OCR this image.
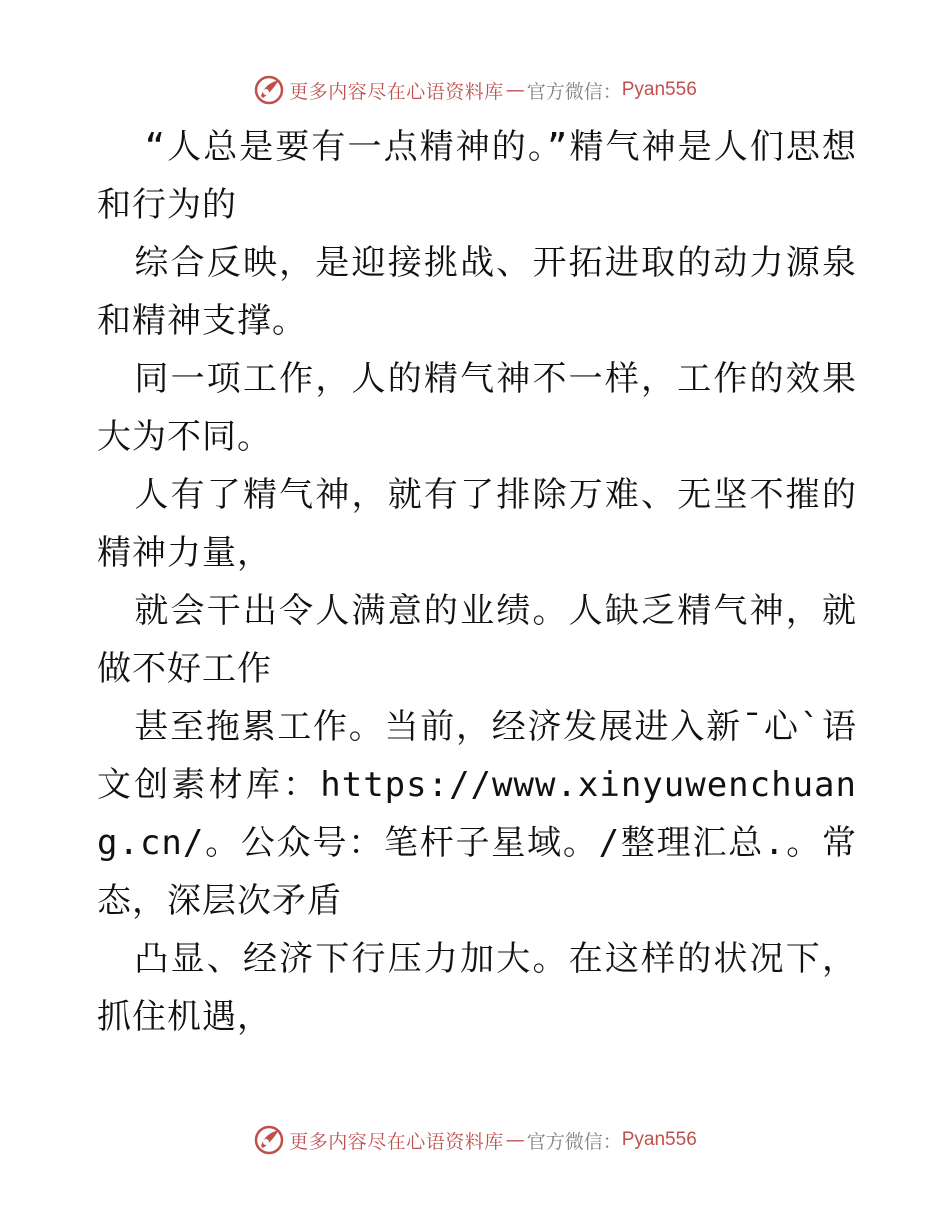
更多内容尽在心语资料库 — 官方微信： Pyan556

“人总是要有一点精神的。”精气神是人们思想和行为的

综合反映，是迎接挑战、开拓进取的动力源泉和精神支撑。

同一项工作，人的精气神不一样，工作的效果大为不同。

人有了精气神，就有了排除万难、无坚不摧的精神力量，

就会干出令人满意的业绩。人缺乏精气神，就做不好工作

甚至拖累工作。当前，经济发展进入新¯心`语文创素材库：https://www.xinyuwenchuang.cn/。公众号：笔杆子星域。/整理汇总.。常态，深层次矛盾

凸显、经济下行压力加大。在这样的状况下，抓住机遇，

更多内容尽在心语资料库 — 官方微信： Pyan556
